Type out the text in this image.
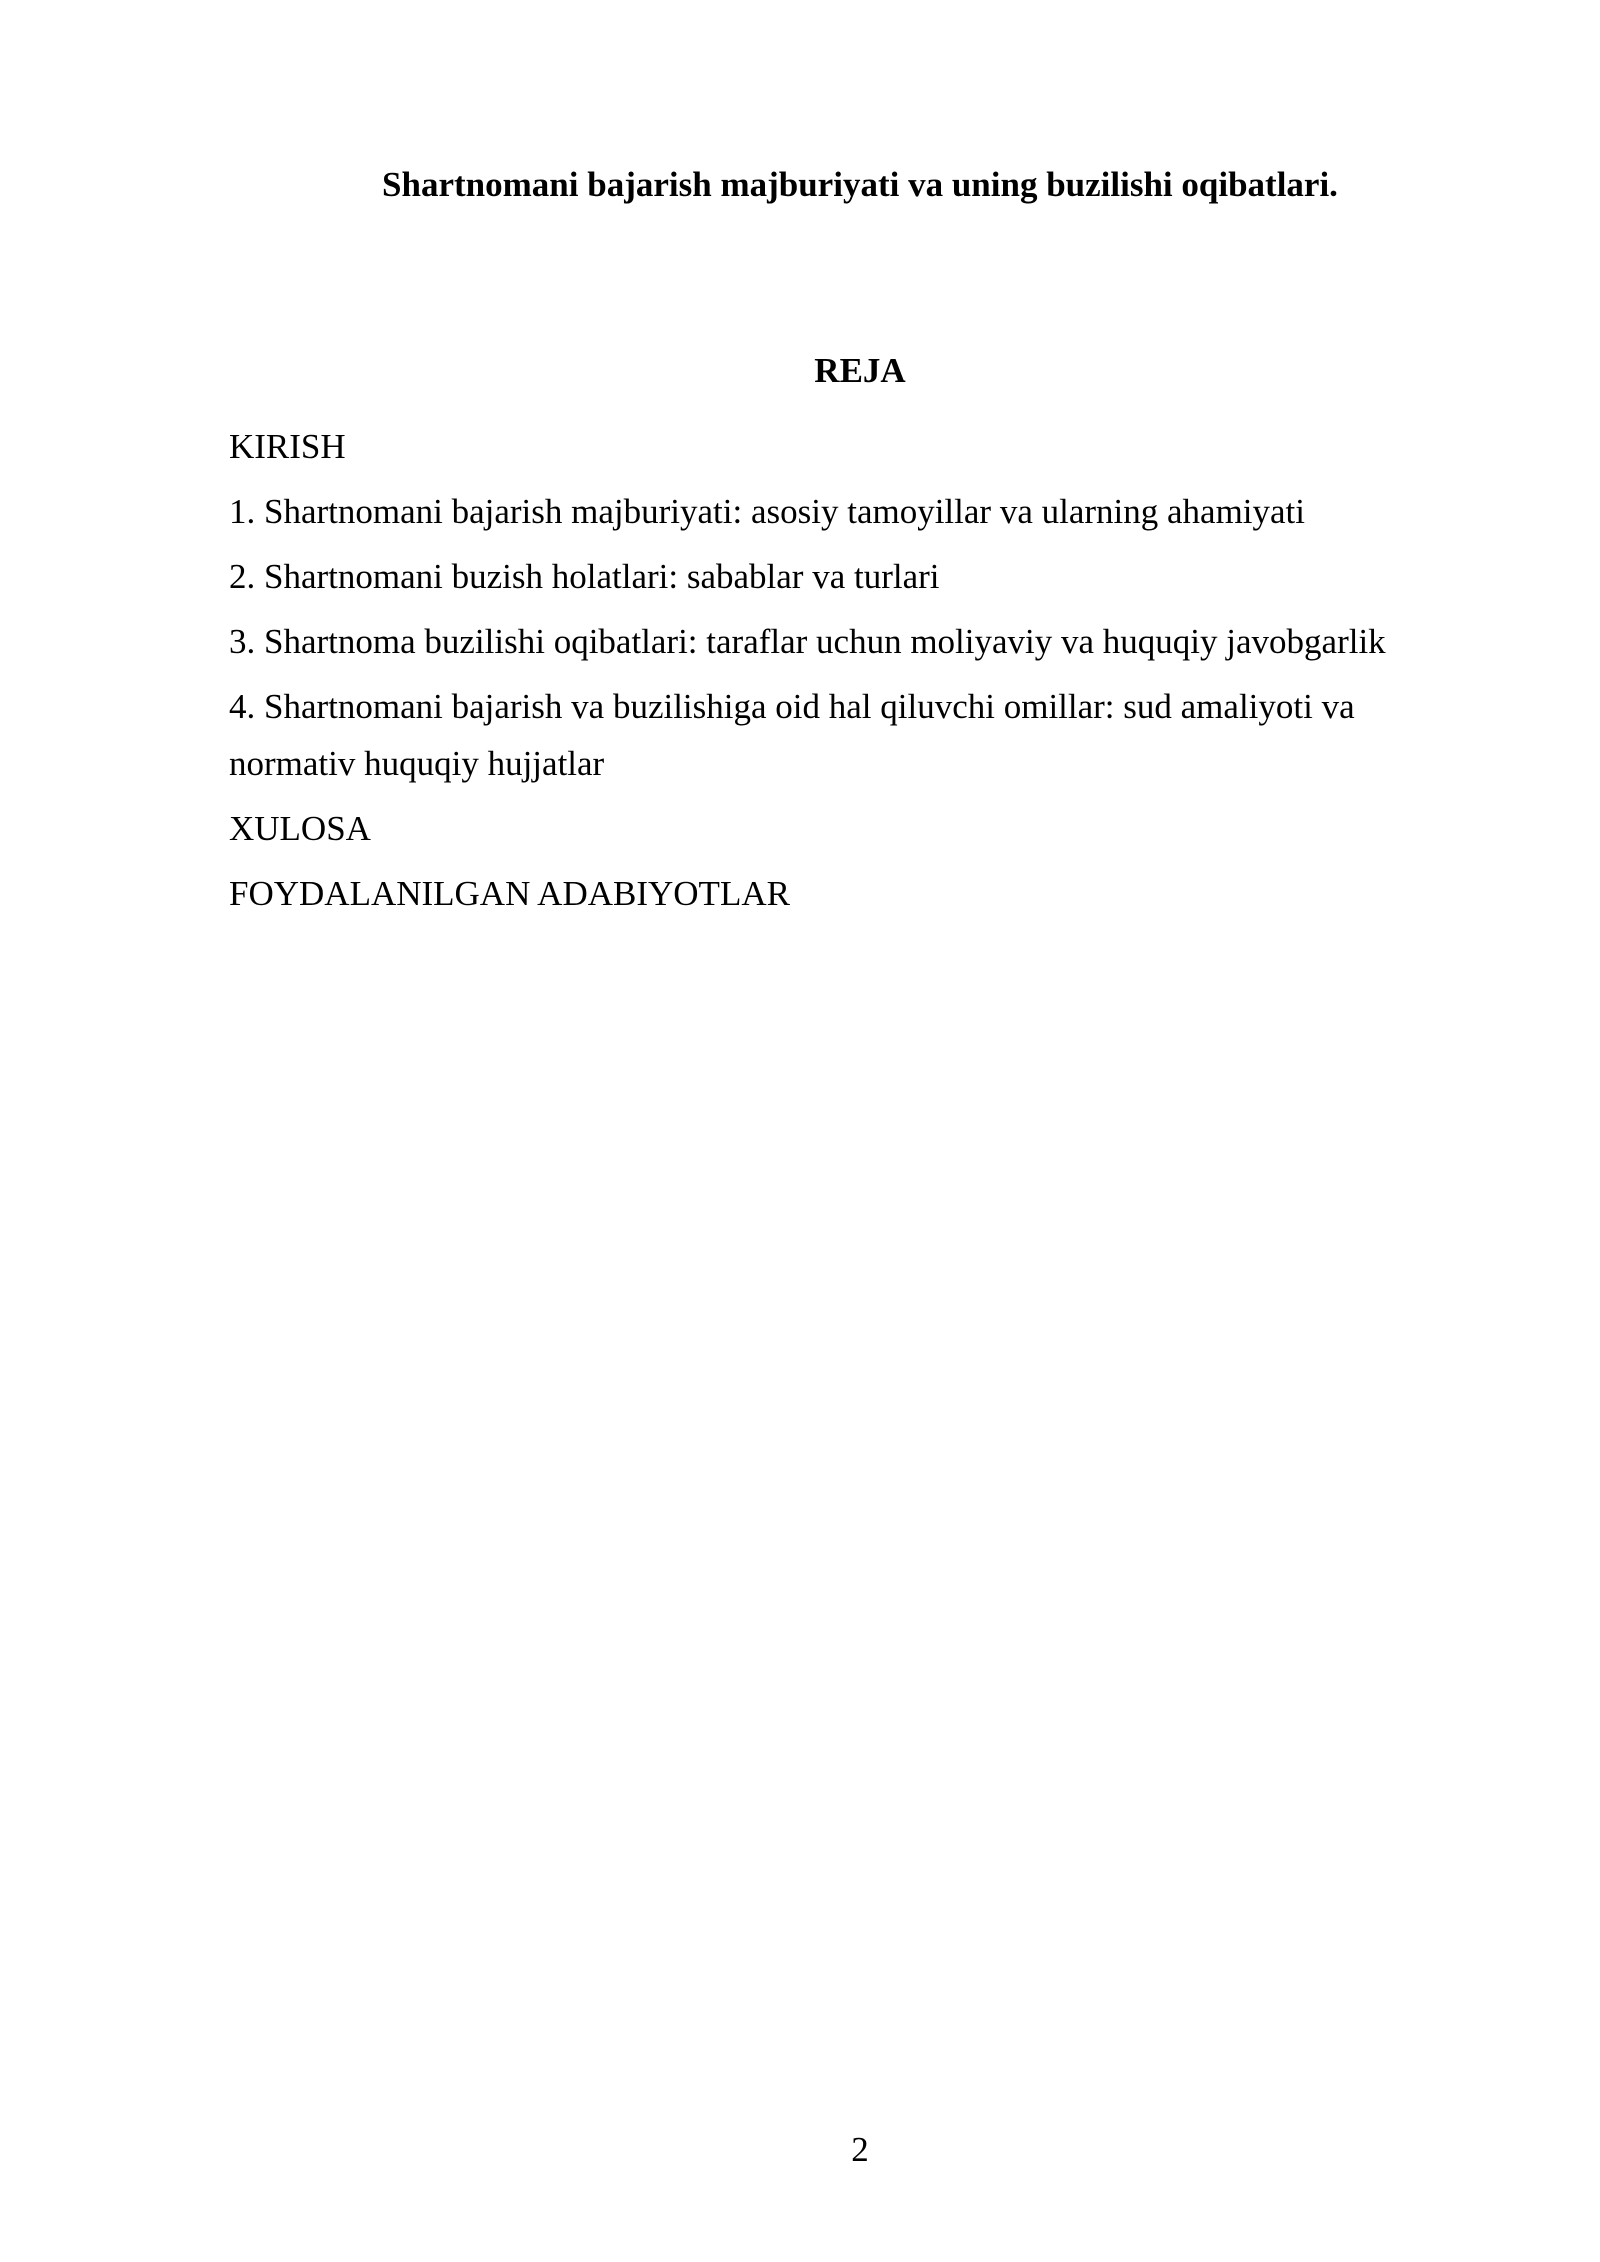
Shartnomani bajarish majburiyati va uning buzilishi oqibatlari.
REJA
KIRISH
1. Shartnomani bajarish majburiyati: asosiy tamoyillar va ularning ahamiyati
2. Shartnomani buzish holatlari: sabablar va turlari
3. Shartnoma buzilishi oqibatlari: taraflar uchun moliyaviy va huquqiy javobgarlik
4. Shartnomani bajarish va buzilishiga oid hal qiluvchi omillar: sud amaliyoti va normativ huquqiy hujjatlar
XULOSA
FOYDALANILGAN ADABIYOTLAR
2
